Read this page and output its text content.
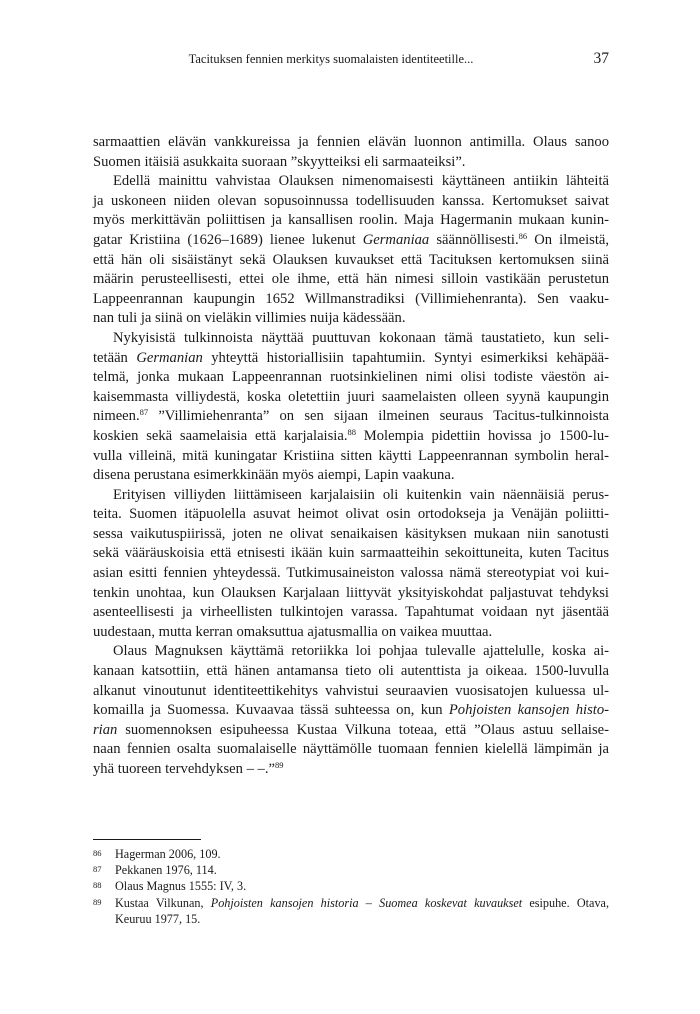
Tacituksen fennien merkitys suomalaisten identiteetille...	37
sarmaattien elävän vankkureissa ja fennien elävän luonnon antimilla. Olaus sanoo
Suomen itäisiä asukkaita suoraan ”skyytteiksi eli sarmaateiksi”.
Edellä mainittu vahvistaa Olauksen nimenomaisesti käyttäneen antiikin lähteitä
ja uskoneen niiden olevan sopusoinnussa todellisuuden kanssa. Kertomukset saivat
myös merkittävän poliittisen ja kansallisen roolin. Maja Hagermanin mukaan kunin-
gatar Kristiina (1626–1689) lienee lukenut Germaniaa säännöllisesti.$^{86}$ On ilmeistä,
että hän oli sisäistänyt sekä Olauksen kuvaukset että Tacituksen kertomuksen siinä
määrin perusteellisesti, ettei ole ihme, että hän nimesi silloin vastikään perustetun
Lappeenrannan kaupungin 1652 Willmanstradiksi (Villimiehenranta). Sen vaaku-
nan tuli ja siinä on vieläkin villimies nuija kädessään.
Nykyisistä tulkinnoista näyttää puuttuvan kokonaan tämä taustatieto, kun seli-
tetään Germanian yhteyttä historiallisiin tapahtumiin. Syntyi esimerkiksi kehäpää-
telmä, jonka mukaan Lappeenrannan ruotsinkielinen nimi olisi todiste väestön ai-
kaisemmasta villiydestä, koska oletettiin juuri saamelaisten olleen syynä kaupungin
nimeen.$^{87}$ ”Villimiehenranta” on sen sijaan ilmeinen seuraus Tacitus-tulkinnoista
koskien sekä saamelaisia että karjalaisia.$^{88}$ Molempia pidettiin hovissa jo 1500-lu-
vulla villeinä, mitä kuningatar Kristiina sitten käytti Lappeenrannan symbolin heral-
disena perustana esimerkkinään myös aiempi, Lapin vaakuna.
Erityisen villiyden liittämiseen karjalaisiin oli kuitenkin vain näennäisiä perus-
teita. Suomen itäpuolella asuvat heimot olivat osin ortodokseja ja Venäjän poliitti-
sessa vaikutuspiirissä, joten ne olivat senaikaisen käsityksen mukaan niin sanotusti
sekä vääräuskoisia että etnisesti ikään kuin sarmaatteihin sekoittuneita, kuten Tacitus
asian esitti fennien yhteydessä. Tutkimusaineiston valossa nämä stereotypiat voi kui-
tenkin unohtaa, kun Olauksen Karjalaan liittyvät yksityiskohdat paljastuvat tehdyksi
asenteellisesti ja virheellisten tulkintojen varassa. Tapahtumat voidaan nyt jäsentää
uudestaan, mutta kerran omaksuttua ajatusmallia on vaikea muuttaa.
Olaus Magnuksen käyttämä retoriikka loi pohjaa tulevalle ajattelulle, koska ai-
kanaan katsottiin, että hänen antamansa tieto oli autenttista ja oikeaa. 1500-luvulla
alkanut vinoutunut identiteettikehitys vahvistui seuraavien vuosisatojen kuluessa ul-
komailla ja Suomessa. Kuvaavaa tässä suhteessa on, kun Pohjoisten kansojen histo-
rian suomennoksen esipuheessa Kustaa Vilkuna toteaa, että ”Olaus astuu sellaise-
naan fennien osalta suomalaiselle näyttämölle tuomaan fennien kielellä lämpimän ja
yhä tuoreen tervehdyksen – –.”$^{89}$
86	Hagerman 2006, 109.
87	Pekkanen 1976, 114.
88	Olaus Magnus 1555: IV, 3.
89	Kustaa Vilkunan, Pohjoisten kansojen historia – Suomea koskevat kuvaukset esipuhe. Otava,
Keuruu 1977, 15.
